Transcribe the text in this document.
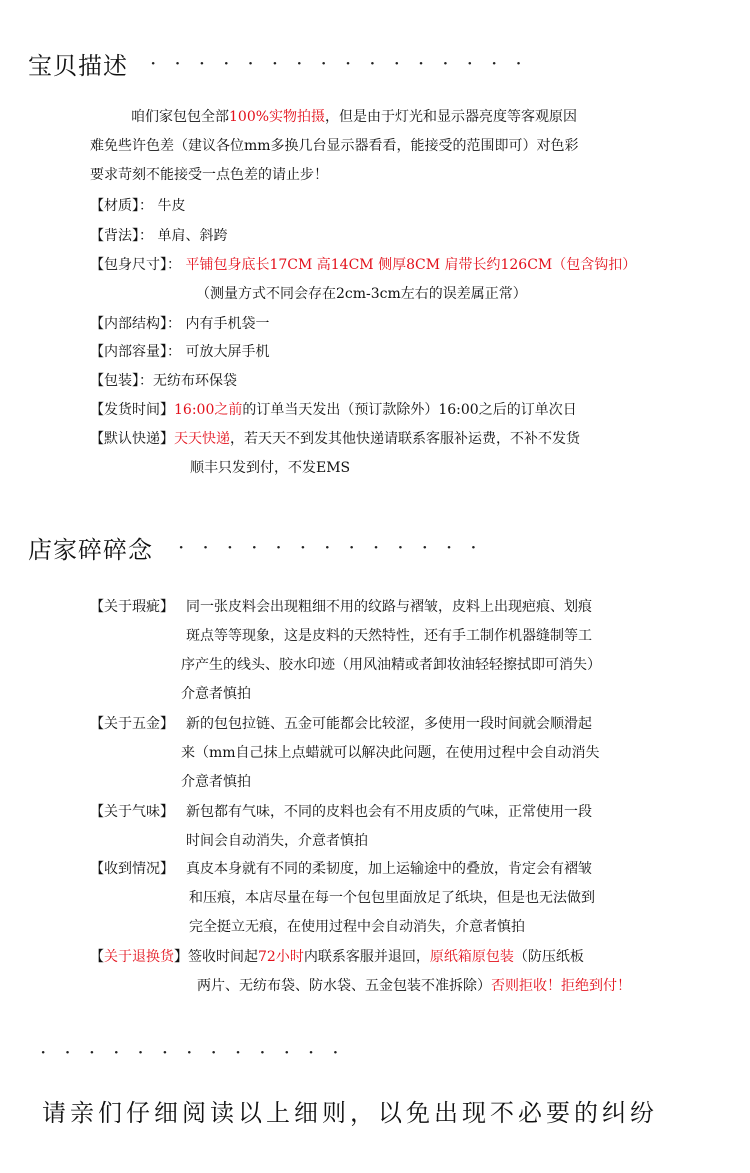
宝贝描述 ················
咱们家包包全部100%实物拍摄，但是由于灯光和显示器亮度等客观原因
难免些许色差（建议各位mm多换几台显示器看看，能接受的范围即可）对色彩
要求苛刻不能接受一点色差的请止步！
【材质】： 牛皮
【背法】： 单肩、斜跨
【包身尺寸】： 平铺包身底长17CM 高14CM 侧厚8CM 肩带长约126CM（包含钩扣）
（测量方式不同会存在2cm-3cm左右的误差属正常）
【内部结构】： 内有手机袋一
【内部容量】： 可放大屏手机
【包装】：无纺布环保袋
【发货时间】16:00之前的订单当天发出（预订款除外）16:00之后的订单次日
【默认快递】天天快递，若天天不到发其他快递请联系客服补运费，不补不发货
顺丰只发到付，不发EMS
店家碎碎念 ·············
【关于瑕疵】 同一张皮料会出现粗细不用的纹路与褶皱，皮料上出现疤痕、划痕
斑点等等现象，这是皮料的天然特性，还有手工制作机器缝制等工
序产生的线头、胶水印迹（用风油精或者卸妆油轻轻擦拭即可消失）
介意者慎拍
【关于五金】 新的包包拉链、五金可能都会比较涩，多使用一段时间就会顺滑起
来（mm自己抹上点蜡就可以解决此问题，在使用过程中会自动消失
介意者慎拍
【关于气味】 新包都有气味，不同的皮料也会有不用皮质的气味，正常使用一段
时间会自动消失，介意者慎拍
【收到情况】 真皮本身就有不同的柔韧度，加上运输途中的叠放，肯定会有褶皱
和压痕，本店尽量在每一个包包里面放足了纸块，但是也无法做到
完全挺立无痕，在使用过程中会自动消失，介意者慎拍
【关于退换货】签收时间起72小时内联系客服并退回，原纸箱原包装（防压纸板
两片、无纺布袋、防水袋、五金包装不准拆除）否则拒收！拒绝到付！
·············
请亲们仔细阅读以上细则，以免出现不必要的纠纷
